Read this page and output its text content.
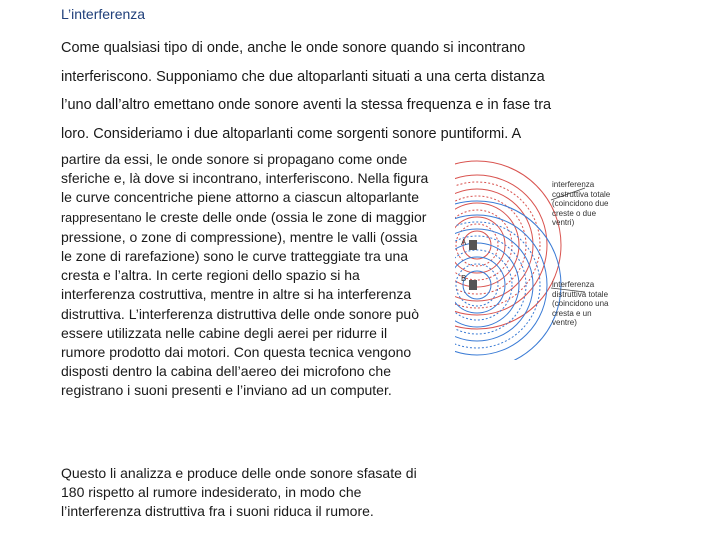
L’interferenza

Come qualsiasi tipo di onde, anche le onde sonore quando si incontrano

interferiscono. Supponiamo che due altoparlanti situati a una certa distanza

l’uno dall’altro emettano onde sonore aventi la stessa frequenza e in fase tra

loro. Consideriamo i due altoparlanti come sorgenti sonore puntiformi. A

partire da essi, le onde sonore si propagano come onde sferiche e, là dove si incontrano, interferiscono. Nella figura le curve concentriche piene attorno a ciascun altoparlante rappresentano le creste delle onde (ossia le zone di maggior pressione, o zone di compressione), mentre le valli (ossia le zone di rarefazione) sono le curve tratteggiate tra una cresta e l’altra. In certe regioni dello spazio si ha interferenza costruttiva, mentre in altre si ha interferenza distruttiva. L’interferenza distruttiva delle onde sonore può essere utilizzata nelle cabine degli aerei per ridurre il rumore prodotto dai motori. Con questa tecnica vengono disposti dentro la cabina dell’aereo dei microfono che registrano i suoni presenti e l’inviano ad un computer.
Questo li analizza e produce delle onde sonore sfasate di 180 rispetto al rumore indesiderato, in modo che l’interferenza distruttiva fra i suoni riduca il rumore.
A
B
interferenza costruttiva totale (coincidono due creste o due ventri)
interferenza distruttiva totale (coincidono una cresta e un ventre)
